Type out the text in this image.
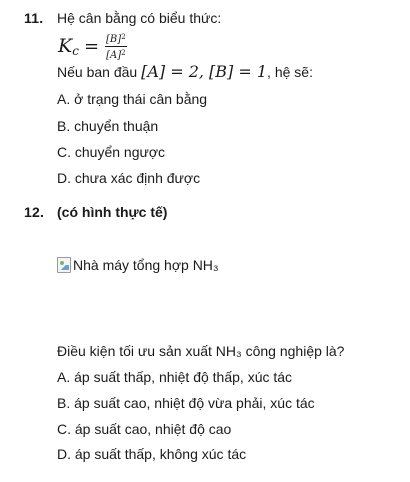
11. Hệ cân bằng có biểu thức:
K $c = \frac{[B]^2}{[A]^2}$
Nếu ban đầu [A] = 2, [B] = 1, hệ sẽ:
A. ở trạng thái cân bằng
B. chuyển thuận
C. chuyển ngược
D. chưa xác định được
12. (có hình thực tế)
Nhà máy tổng hợp NH₃
Điều kiện tối ưu sản xuất NH₃ công nghiệp là?
A. áp suất thấp, nhiệt độ thấp, xúc tác
B. áp suất cao, nhiệt độ vừa phải, xúc tác
C. áp suất cao, nhiệt độ cao
D. áp suất thấp, không xúc tác
